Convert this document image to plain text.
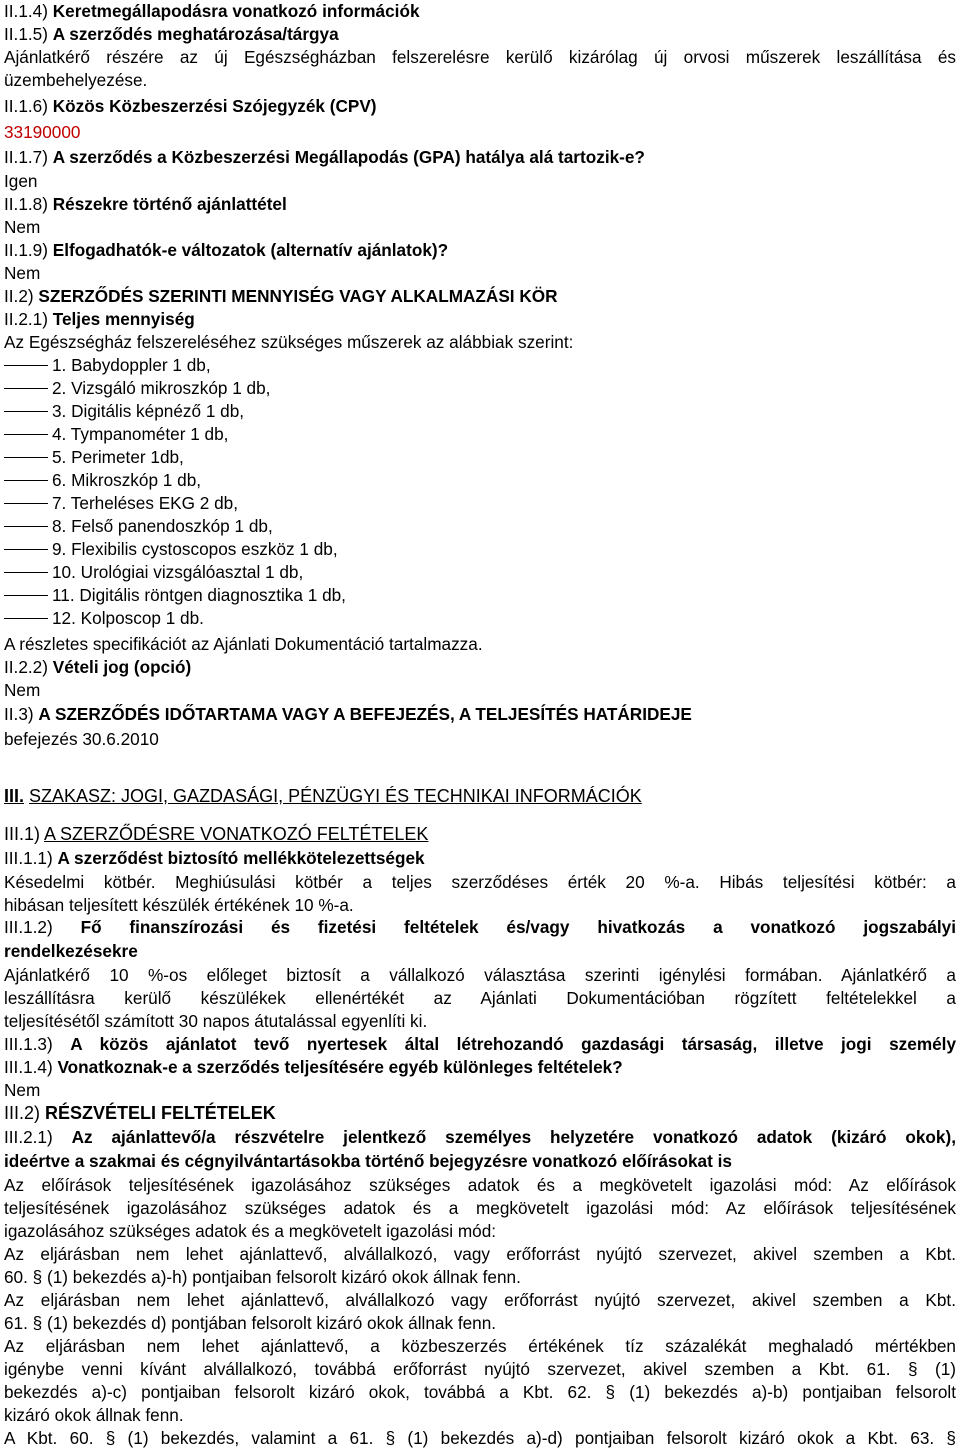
II.1.4) Keretmegállapodásra vonatkozó információk
II.1.5) A szerződés meghatározása/tárgya
Ajánlatkérő részére az új Egészségházban felszerelésre kerülő kizárólag új orvosi műszerek leszállítása és
üzembehelyezése.
II.1.6) Közös Közbeszerzési Szójegyzék (CPV)
33190000
II.1.7) A szerződés a Közbeszerzési Megállapodás (GPA) hatálya alá tartozik-e?
Igen
II.1.8) Részekre történő ajánlattétel
Nem
II.1.9) Elfogadhatók-e változatok (alternatív ajánlatok)?
Nem
II.2) SZERZŐDÉS SZERINTI MENNYISÉG VAGY ALKALMAZÁSI KÖR
II.2.1) Teljes mennyiség
Az Egészségház felszereléséhez szükséges műszerek az alábbiak szerint:
1. Babydoppler 1 db,
2. Vizsgáló mikroszkóp 1 db,
3. Digitális képnéző 1 db,
4. Tympanométer 1 db,
5. Perimeter 1db,
6. Mikroszkóp 1 db,
7. Terheléses EKG 2 db,
8. Felső panendoszkóp 1 db,
9. Flexibilis cystoscopos eszköz 1 db,
10. Urológiai vizsgálóasztal 1 db,
11. Digitális röntgen diagnosztika 1 db,
12. Kolposcop 1 db.
A részletes specifikációt az Ajánlati Dokumentáció tartalmazza.
II.2.2) Vételi jog (opció)
Nem
II.3) A SZERZŐDÉS IDŐTARTAMA VAGY A BEFEJEZÉS, A TELJESÍTÉS HATÁRIDEJE
befejezés 30.6.2010
III. SZAKASZ: JOGI, GAZDASÁGI, PÉNZÜGYI ÉS TECHNIKAI INFORMÁCIÓK
III.1) A SZERZŐDÉSRE VONATKOZÓ FELTÉTELEK
III.1.1) A szerződést biztosító mellékkötelezettségek
Késedelmi kötbér. Meghiúsulási kötbér a teljes szerződéses érték 20 %-a. Hibás teljesítési kötbér: a
hibásan teljesített készülék értékének 10 %-a.
III.1.2) Fő finanszírozási és fizetési feltételek és/vagy hivatkozás a vonatkozó jogszabályi
rendelkezésekre
Ajánlatkérő 10 %-os előleget biztosít a vállalkozó választása szerinti igénylési formában. Ajánlatkérő a
leszállításra kerülő készülékek ellenértékét az Ajánlati Dokumentációban rögzített feltételekkel a
teljesítésétől számított 30 napos átutalással egyenlíti ki.
III.1.3) A közös ajánlatot tevő nyertesek által létrehozandó gazdasági társaság, illetve jogi személy
III.1.4) Vonatkoznak-e a szerződés teljesítésére egyéb különleges feltételek?
Nem
III.2) RÉSZVÉTELI FELTÉTELEK
III.2.1) Az ajánlattevő/a részvételre jelentkező személyes helyzetére vonatkozó adatok (kizáró okok),
ideértve a szakmai és cégnyilvántartásokba történő bejegyzésre vonatkozó előírásokat is
Az előírások teljesítésének igazolásához szükséges adatok és a megkövetelt igazolási mód: Az előírások
teljesítésének igazolásához szükséges adatok és a megkövetelt igazolási mód: Az előírások teljesítésének
igazolásához szükséges adatok és a megkövetelt igazolási mód:
Az eljárásban nem lehet ajánlattevő, alvállalkozó, vagy erőforrást nyújtó szervezet, akivel szemben a Kbt.
60. § (1) bekezdés a)-h) pontjaiban felsorolt kizáró okok állnak fenn.
Az eljárásban nem lehet ajánlattevő, alvállalkozó vagy erőforrást nyújtó szervezet, akivel szemben a Kbt.
61. § (1) bekezdés d) pontjában felsorolt kizáró okok állnak fenn.
Az eljárásban nem lehet ajánlattevő, a közbeszerzés értékének tíz százalékát meghaladó mértékben
igénybe venni kívánt alvállalkozó, továbbá erőforrást nyújtó szervezet, akivel szemben a Kbt. 61. § (1)
bekezdés a)-c) pontjaiban felsorolt kizáró okok, továbbá a Kbt. 62. § (1) bekezdés a)-b) pontjaiban felsorolt
kizáró okok állnak fenn.
A Kbt. 60. § (1) bekezdés, valamint a 61. § (1) bekezdés a)-d) pontjaiban felsorolt kizáró okok a Kbt. 63. §
